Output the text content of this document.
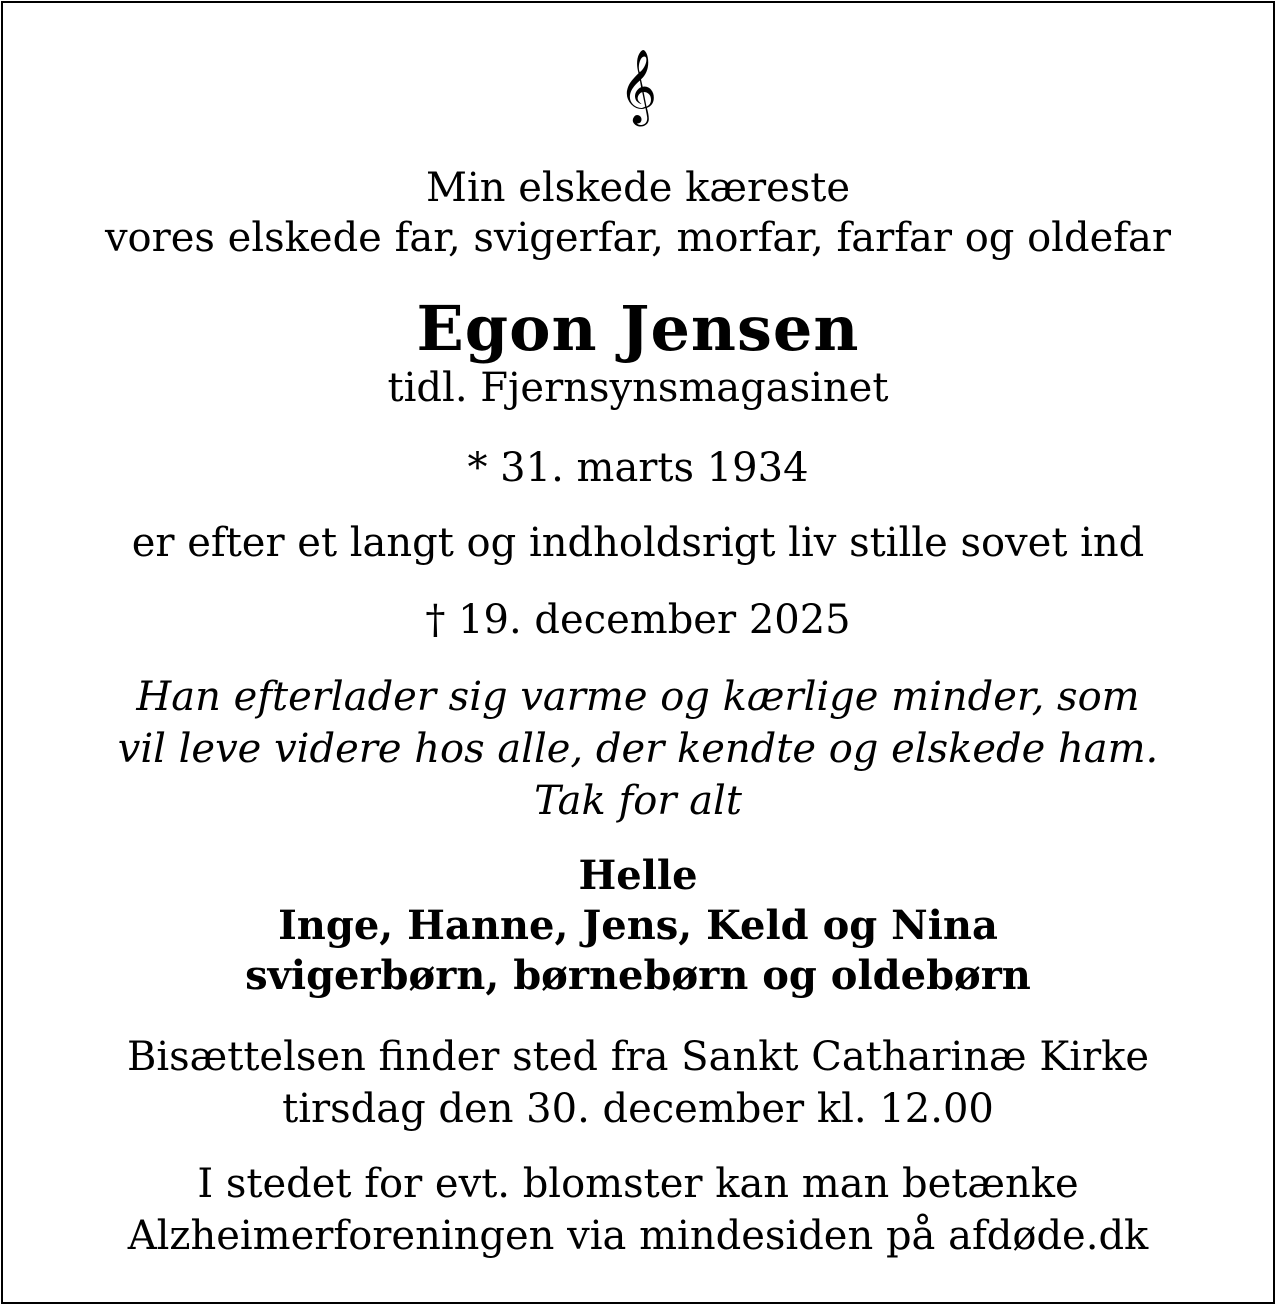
𝄞
Min elskede kæreste
vores elskede far, svigerfar, morfar, farfar og oldefar
Egon Jensen
tidl. Fjernsynsmagasinet
* 31. marts 1934
er efter et langt og indholdsrigt liv stille sovet ind
† 19. december 2025
Han efterlader sig varme og kærlige minder, som
vil leve videre hos alle, der kendte og elskede ham.
Tak for alt
Helle
Inge, Hanne, Jens, Keld og Nina
svigerbørn, børnebørn og oldebørn
Bisættelsen finder sted fra Sankt Catharinæ Kirke
tirsdag den 30. december kl. 12.00
I stedet for evt. blomster kan man betænke
Alzheimerforeningen via mindesiden på afdøde.dk
